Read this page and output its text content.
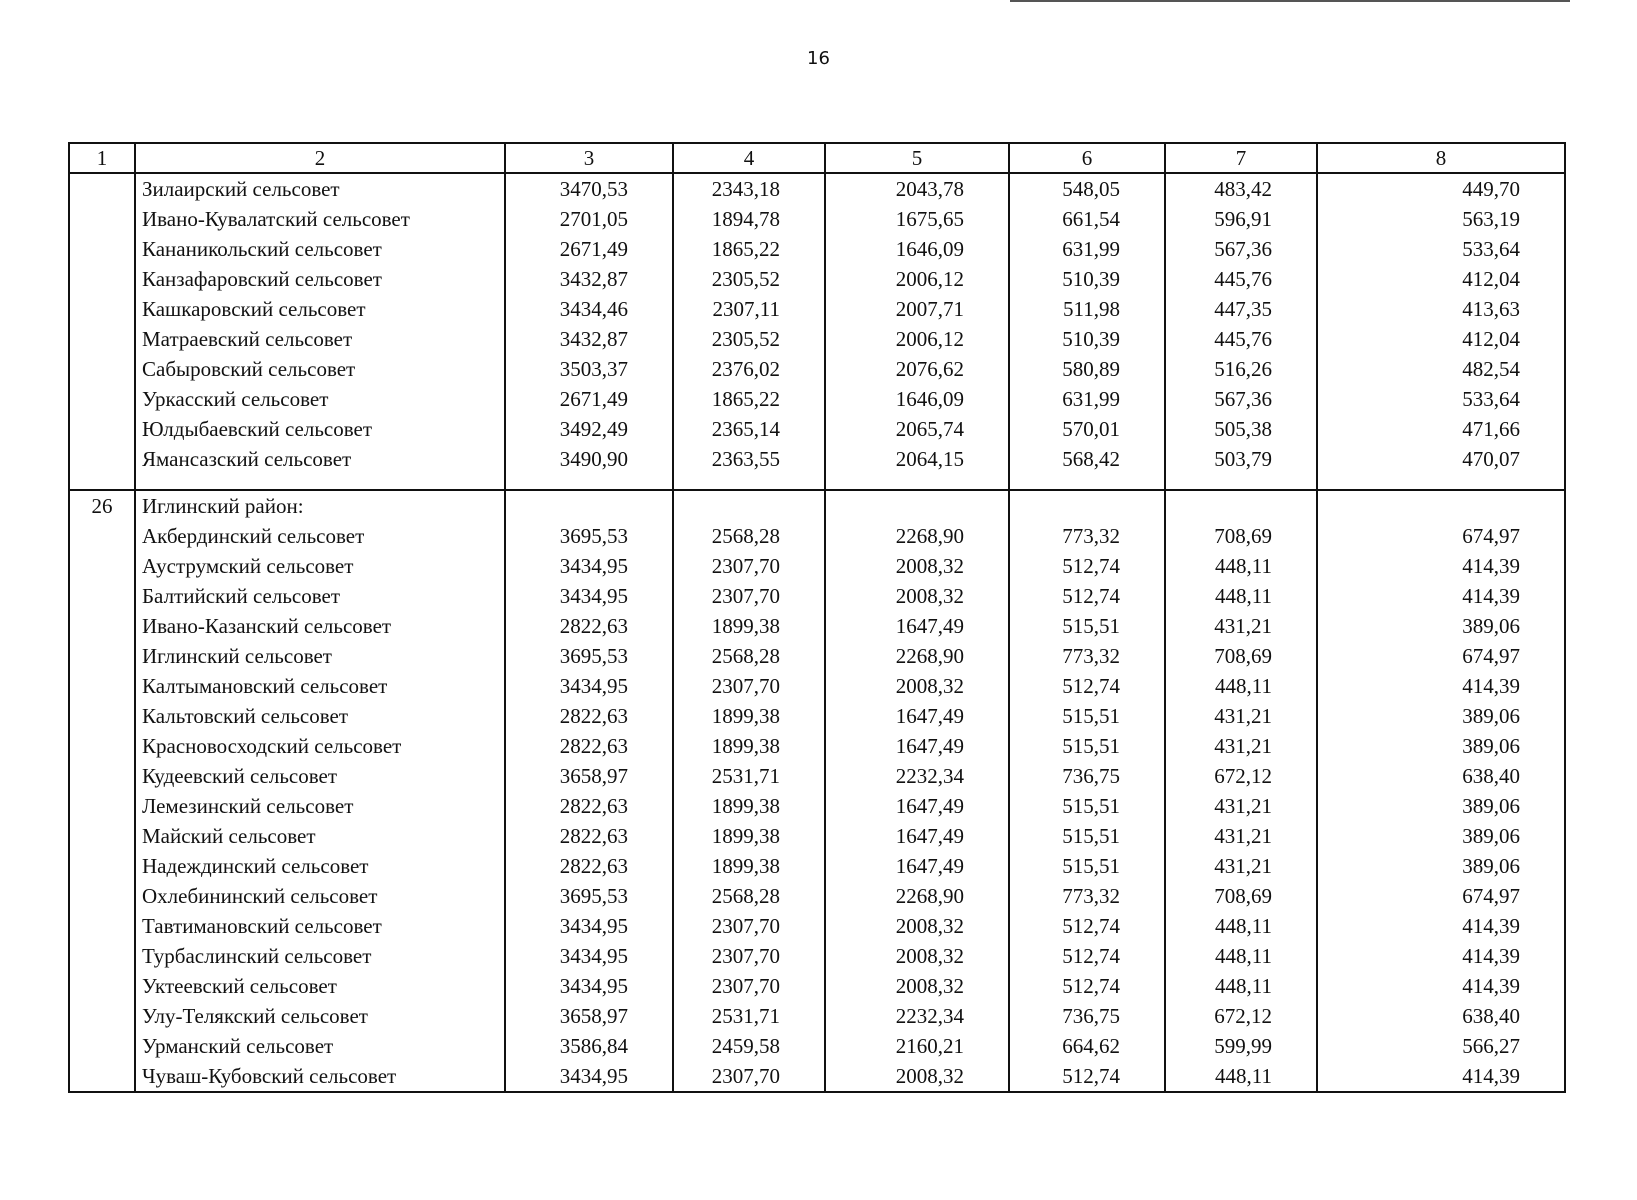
16
1	2	3	4	5	6	7	8
	Зилаирский сельсовет	3470,53	2343,18	2043,78	548,05	483,42	449,70
	Ивано-Кувалатский сельсовет	2701,05	1894,78	1675,65	661,54	596,91	563,19
	Кананикольский сельсовет	2671,49	1865,22	1646,09	631,99	567,36	533,64
	Канзафаровский сельсовет	3432,87	2305,52	2006,12	510,39	445,76	412,04
	Кашкаровский сельсовет	3434,46	2307,11	2007,71	511,98	447,35	413,63
	Матраевский сельсовет	3432,87	2305,52	2006,12	510,39	445,76	412,04
	Сабыровский сельсовет	3503,37	2376,02	2076,62	580,89	516,26	482,54
	Уркасский сельсовет	2671,49	1865,22	1646,09	631,99	567,36	533,64
	Юлдыбаевский сельсовет	3492,49	2365,14	2065,74	570,01	505,38	471,66
	Ямансазский сельсовет	3490,90	2363,55	2064,15	568,42	503,79	470,07

26	Иглинский район:						
	Акбердинский сельсовет	3695,53	2568,28	2268,90	773,32	708,69	674,97
	Ауструмский сельсовет	3434,95	2307,70	2008,32	512,74	448,11	414,39
	Балтийский сельсовет	3434,95	2307,70	2008,32	512,74	448,11	414,39
	Ивано-Казанский сельсовет	2822,63	1899,38	1647,49	515,51	431,21	389,06
	Иглинский сельсовет	3695,53	2568,28	2268,90	773,32	708,69	674,97
	Калтымановский сельсовет	3434,95	2307,70	2008,32	512,74	448,11	414,39
	Кальтовский сельсовет	2822,63	1899,38	1647,49	515,51	431,21	389,06
	Красновосходский сельсовет	2822,63	1899,38	1647,49	515,51	431,21	389,06
	Кудеевский сельсовет	3658,97	2531,71	2232,34	736,75	672,12	638,40
	Лемезинский сельсовет	2822,63	1899,38	1647,49	515,51	431,21	389,06
	Майский сельсовет	2822,63	1899,38	1647,49	515,51	431,21	389,06
	Надеждинский сельсовет	2822,63	1899,38	1647,49	515,51	431,21	389,06
	Охлебининский сельсовет	3695,53	2568,28	2268,90	773,32	708,69	674,97
	Тавтимановский сельсовет	3434,95	2307,70	2008,32	512,74	448,11	414,39
	Турбаслинский сельсовет	3434,95	2307,70	2008,32	512,74	448,11	414,39
	Уктеевский сельсовет	3434,95	2307,70	2008,32	512,74	448,11	414,39
	Улу-Телякский сельсовет	3658,97	2531,71	2232,34	736,75	672,12	638,40
	Урманский сельсовет	3586,84	2459,58	2160,21	664,62	599,99	566,27
	Чуваш-Кубовский сельсовет	3434,95	2307,70	2008,32	512,74	448,11	414,39
